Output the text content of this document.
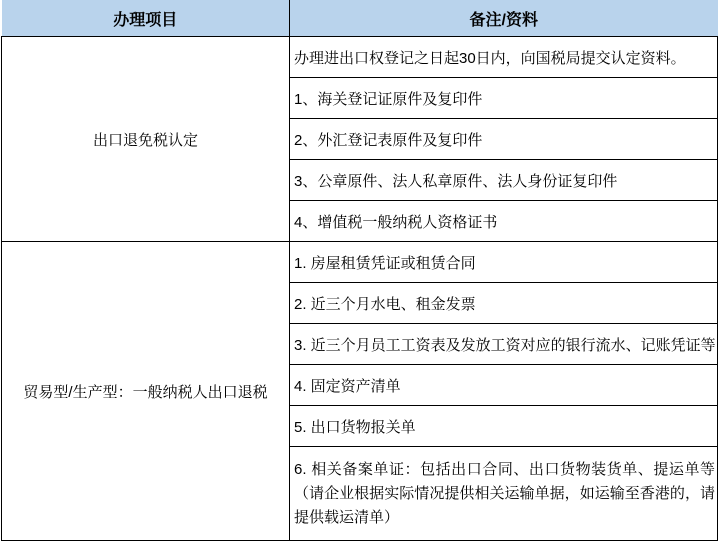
办理项目	备注/资料
出口退免税认定	办理进出口权登记之日起30日内，向国税局提交认定资料。
	1、海关登记证原件及复印件
	2、外汇登记表原件及复印件
	3、公章原件、法人私章原件、法人身份证复印件
	4、增值税一般纳税人资格证书
贸易型/生产型：一般纳税人出口退税	1. 房屋租赁凭证或租赁合同
	2. 近三个月水电、租金发票
	3. 近三个月员工工资表及发放工资对应的银行流水、记账凭证等
	4. 固定资产清单
	5. 出口货物报关单
	6. 相关备案单证：包括出口合同、出口货物装货单、提运单等（请企业根据实际情况提供相关运输单据，如运输至香港的，请提供载运清单）
